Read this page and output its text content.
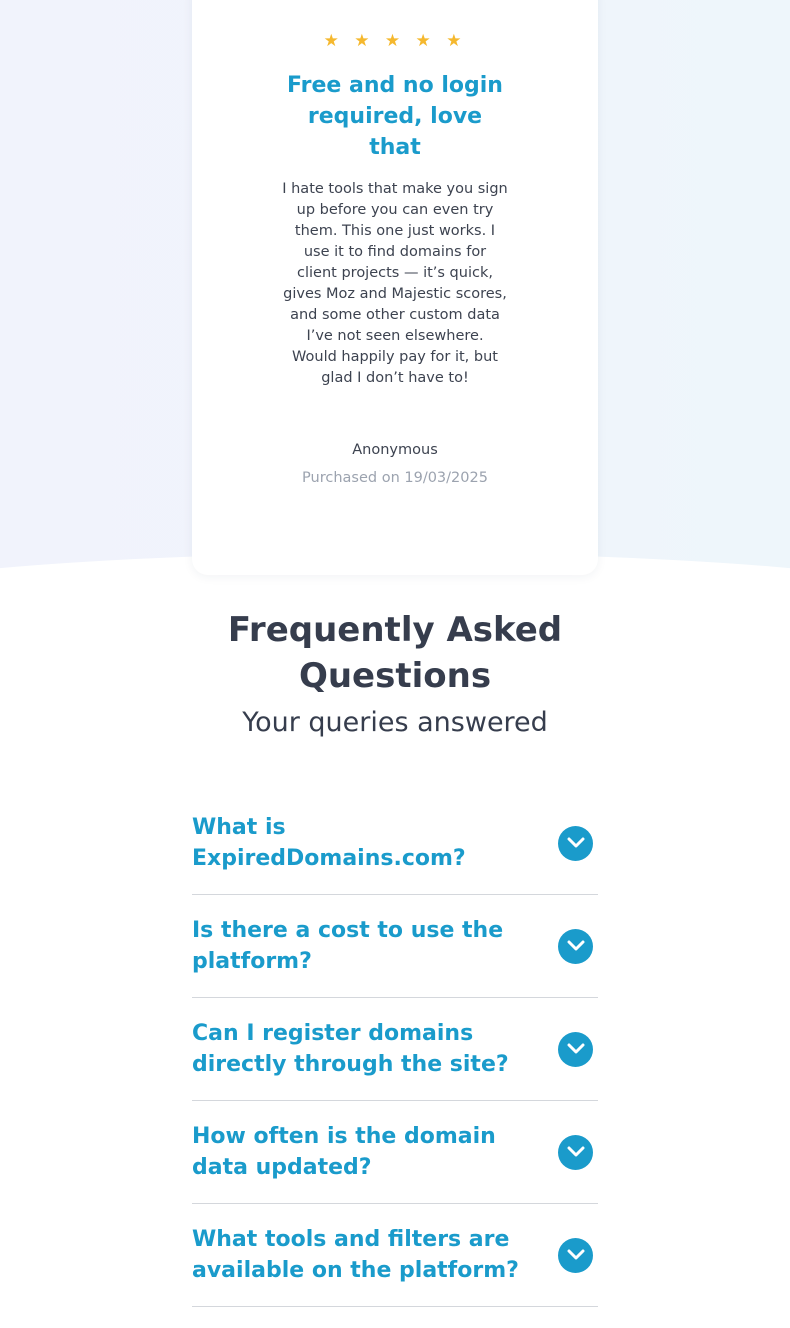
★ ★ ★ ★ ★
Free and no login required, love that
I hate tools that make you sign up before you can even try them. This one just works. I use it to find domains for client projects — it’s quick, gives Moz and Majestic scores, and some other custom data I’ve not seen elsewhere. Would happily pay for it, but glad I don’t have to!
Anonymous
Purchased on 19/03/2025
Frequently Asked Questions
Your queries answered
What is ExpiredDomains.com?
Is there a cost to use the platform?
Can I register domains directly through the site?
How often is the domain data updated?
What tools and filters are available on the platform?
